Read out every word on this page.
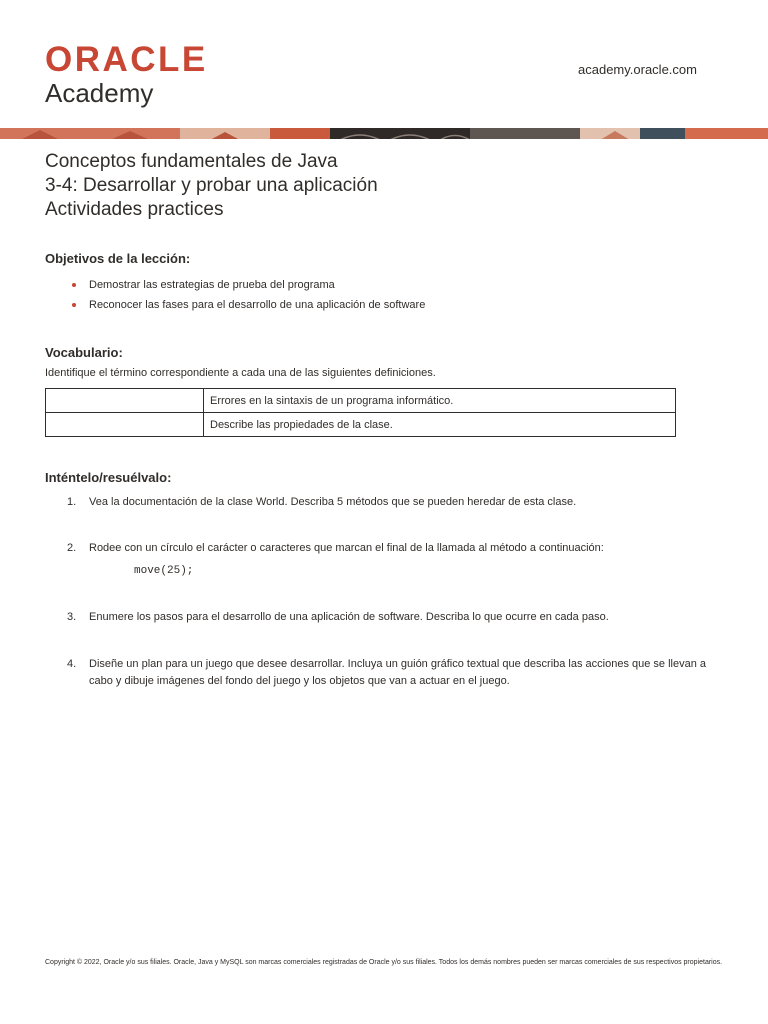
ORACLE
Academy
academy.oracle.com

Conceptos fundamentales de Java

3-4: Desarrollar y probar una aplicación

Actividades practices

Objetivos de la lección:
Demostrar las estrategias de prueba del programa
Reconocer las fases para el desarrollo de una aplicación de software
Vocabulario:
Identifique el término correspondiente a cada una de las siguientes definiciones.
	Errores en la sintaxis de un programa informático.
	Describe las propiedades de la clase.
Inténtelo/resuélvalo:
1. Vea la documentación de la clase World. Describa 5 métodos que se pueden heredar de esta clase.
2. Rodee con un círculo el carácter o caracteres que marcan el final de la llamada al método a continuación:
move(25);
3. Enumere los pasos para el desarrollo de una aplicación de software. Describa lo que ocurre en cada paso.
4. Diseñe un plan para un juego que desee desarrollar. Incluya un guión gráfico textual que describa las acciones que se llevan a cabo y dibuje imágenes del fondo del juego y los objetos que van a actuar en el juego.
Copyright © 2022, Oracle y/o sus filiales. Oracle, Java y MySQL son marcas comerciales registradas de Oracle y/o sus filiales. Todos los demás nombres pueden ser marcas comerciales de sus respectivos propietarios.
